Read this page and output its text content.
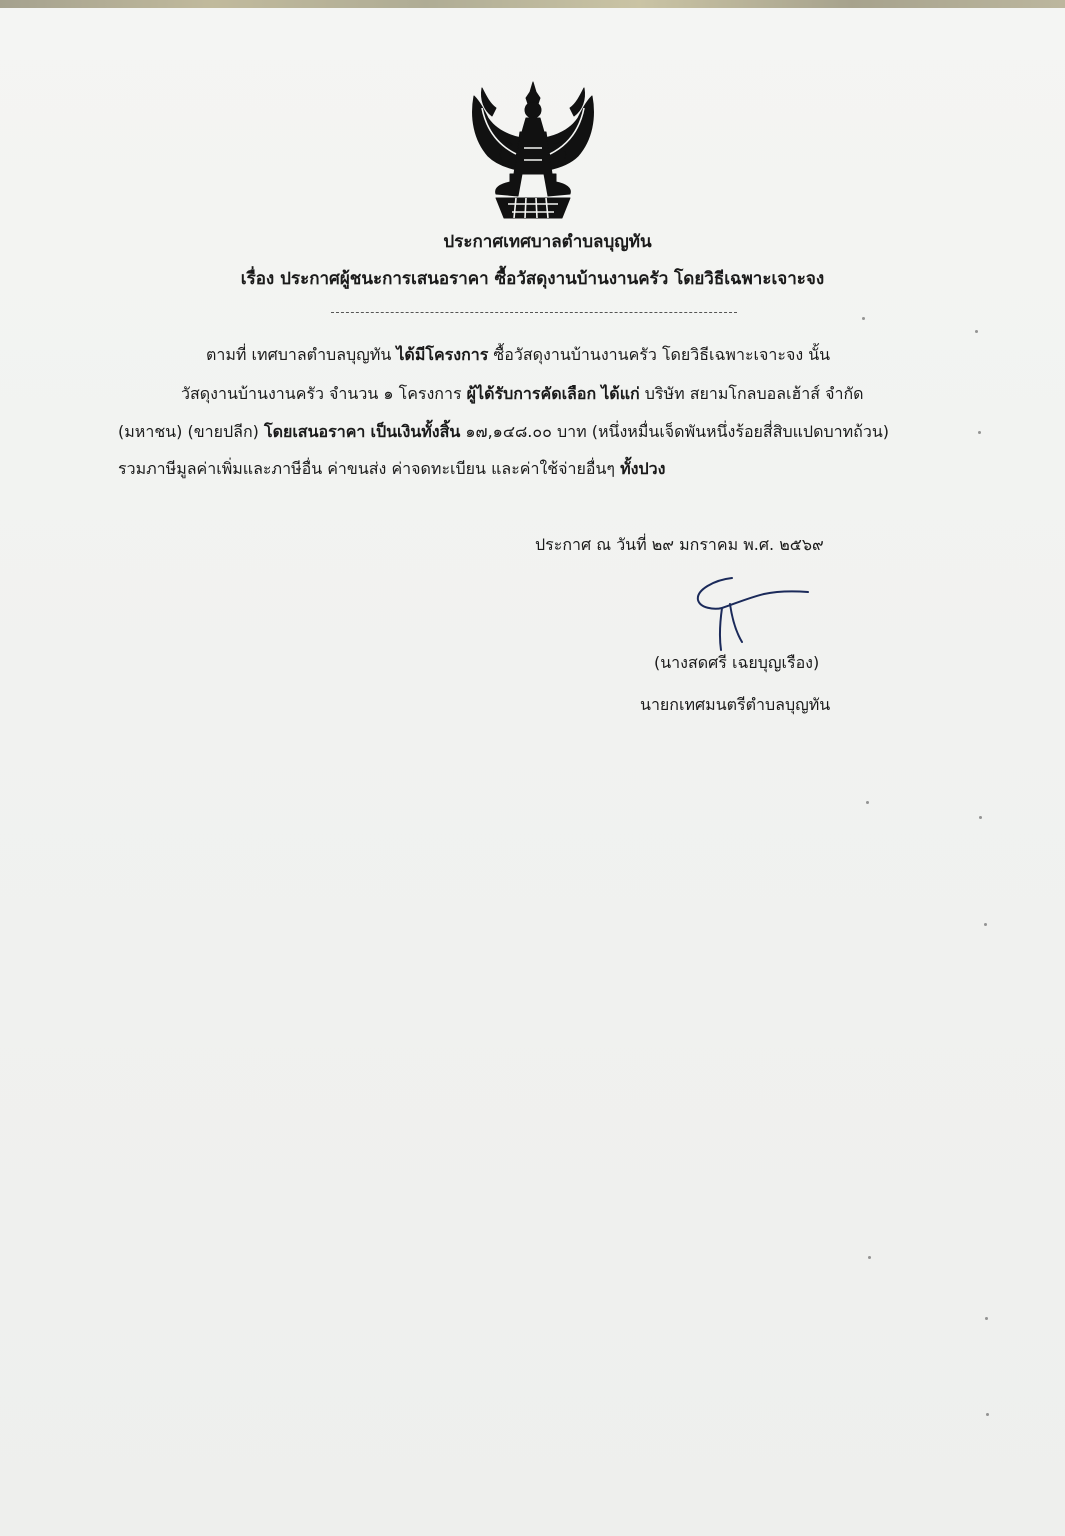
ประกาศเทศบาลตำบลบุญทัน
เรื่อง ประกาศผู้ชนะการเสนอราคา ซื้อวัสดุงานบ้านงานครัว โดยวิธีเฉพาะเจาะจง
ตามที่ เทศบาลตำบลบุญทัน ได้มีโครงการ ซื้อวัสดุงานบ้านงานครัว โดยวิธีเฉพาะเจาะจง นั้น
วัสดุงานบ้านงานครัว จำนวน ๑ โครงการ ผู้ได้รับการคัดเลือก ได้แก่ บริษัท สยามโกลบอลเฮ้าส์ จำกัด
(มหาชน) (ขายปลีก) โดยเสนอราคา เป็นเงินทั้งสิ้น ๑๗,๑๔๘.๐๐ บาท (หนึ่งหมื่นเจ็ดพันหนึ่งร้อยสี่สิบแปดบาทถ้วน)
รวมภาษีมูลค่าเพิ่มและภาษีอื่น ค่าขนส่ง ค่าจดทะเบียน และค่าใช้จ่ายอื่นๆ ทั้งปวง
ประกาศ ณ วันที่ ๒๙ มกราคม พ.ศ. ๒๕๖๙
(นางสดศรี เฉยบุญเรือง)
นายกเทศมนตรีตำบลบุญทัน
